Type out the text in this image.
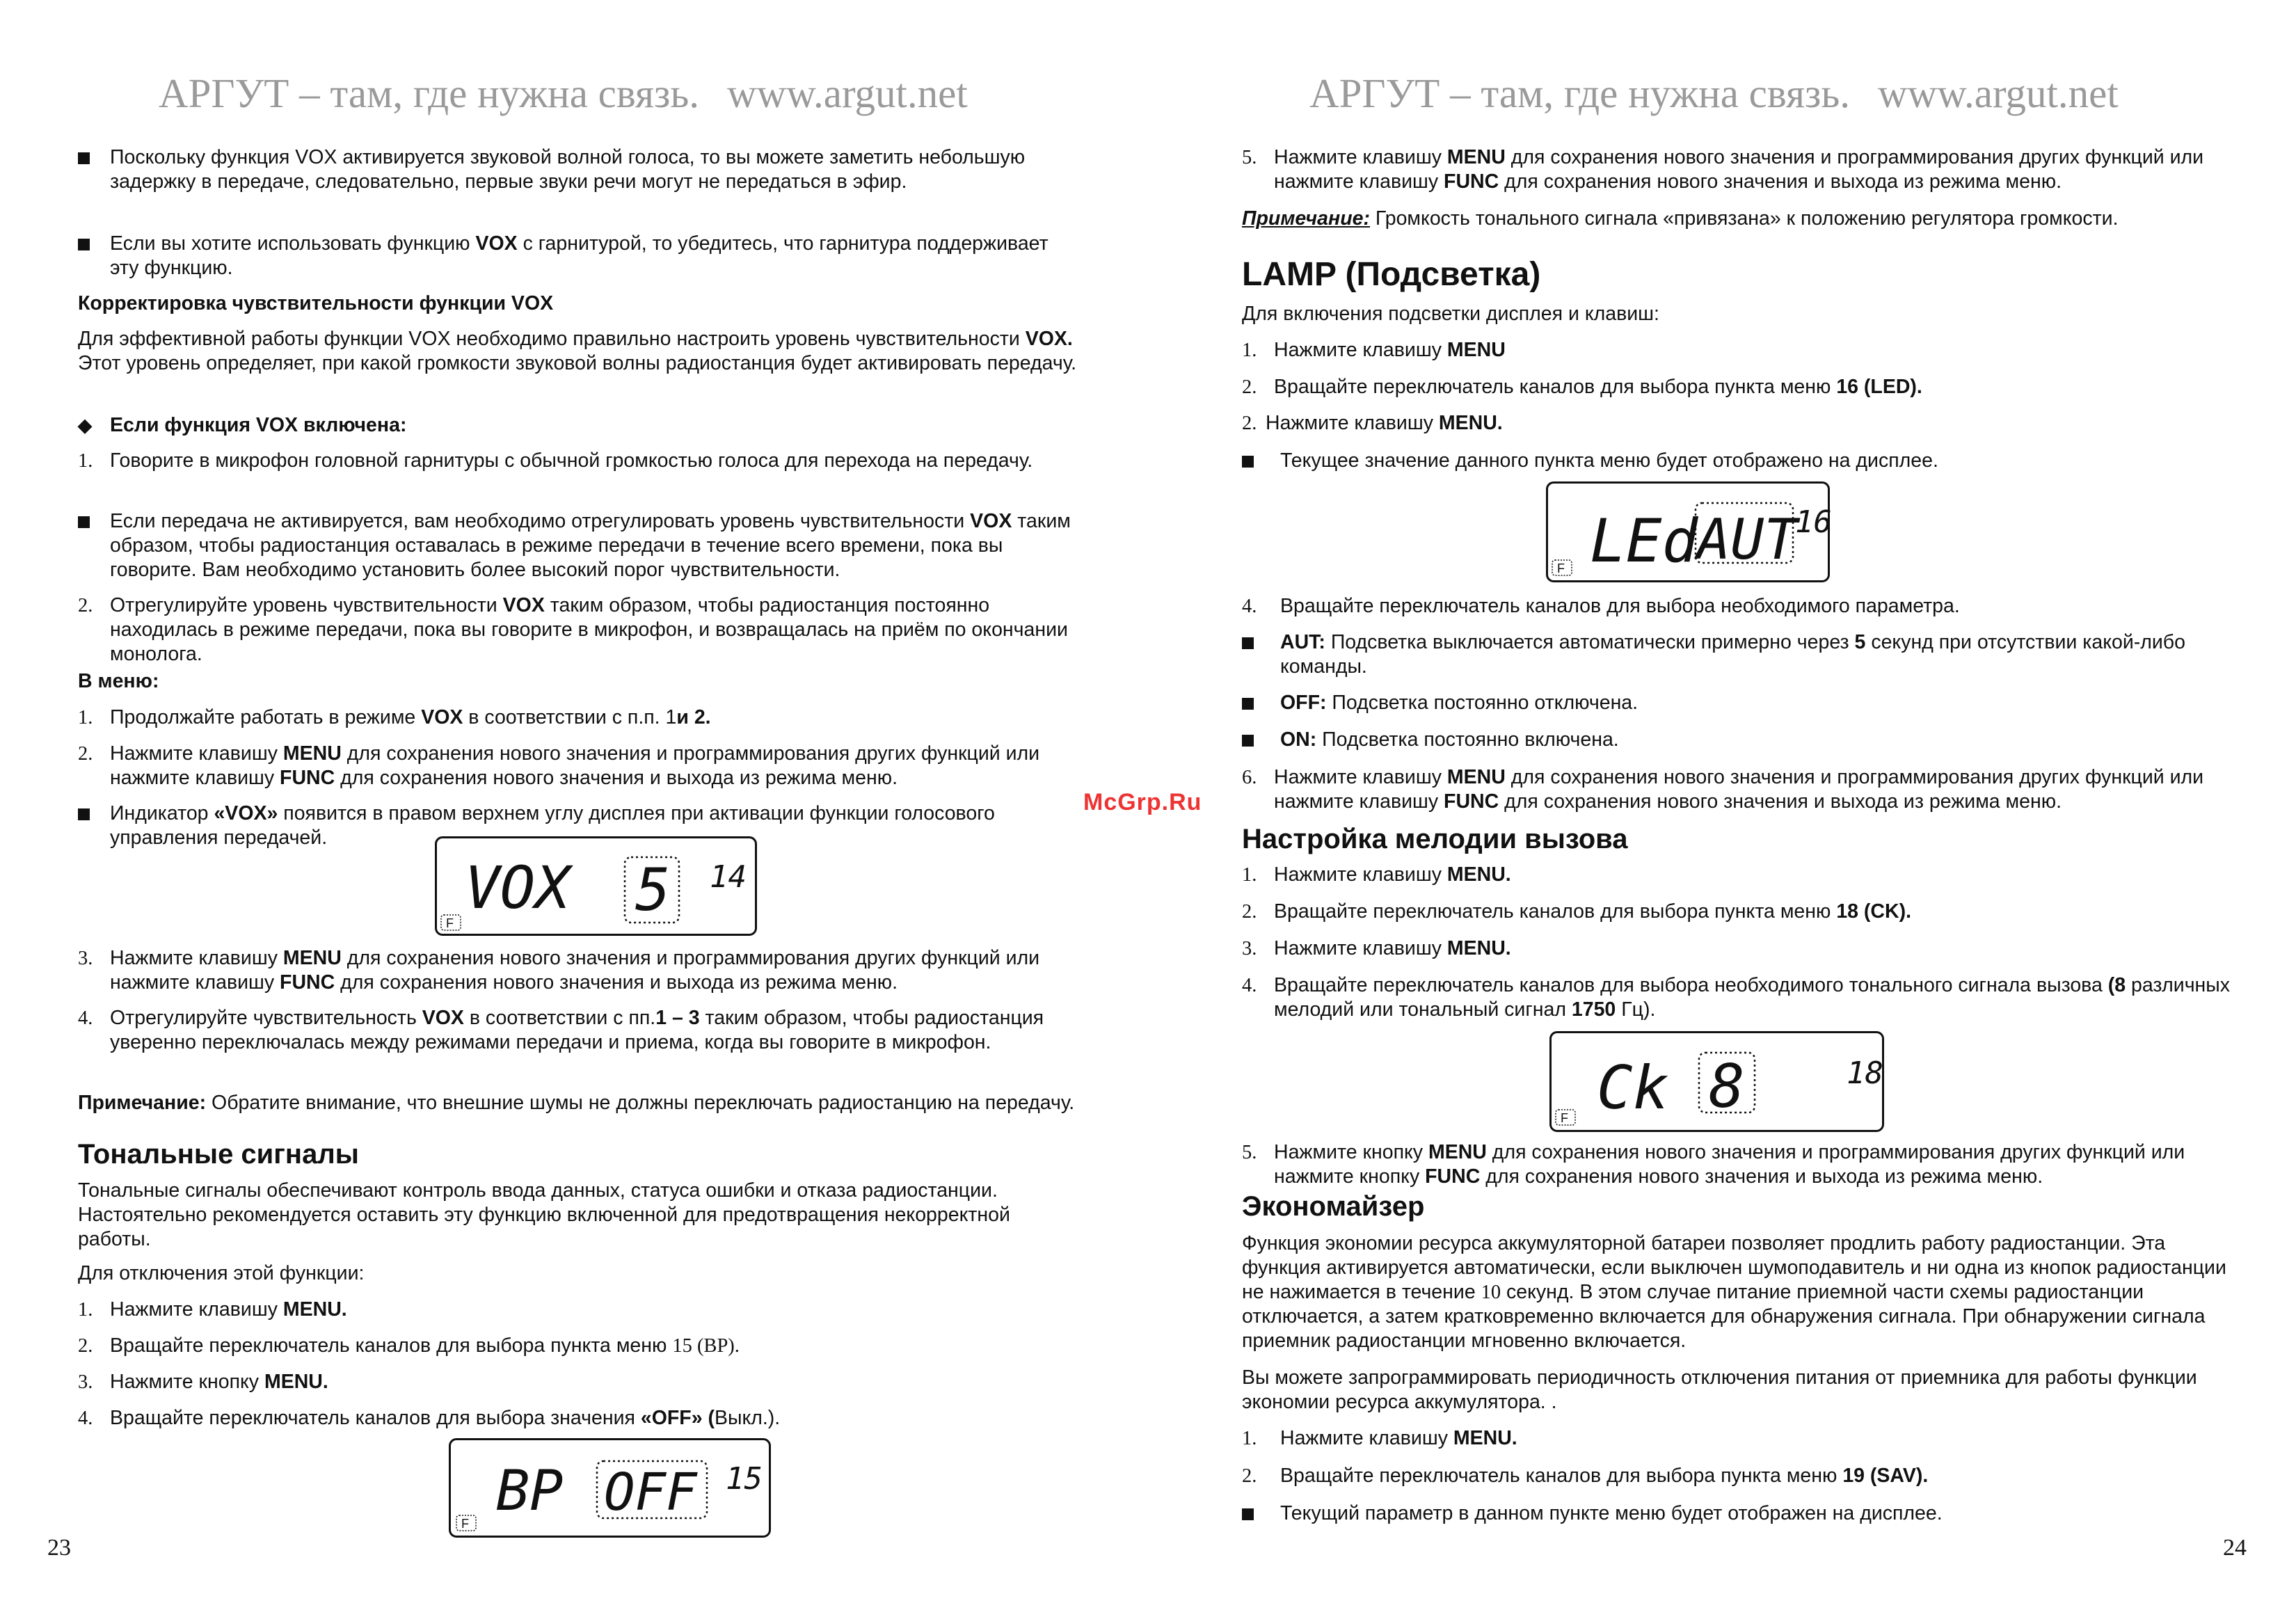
АРГУТ – там, где нужна связь. www.argut.net
Поскольку функция VOX активируется звуковой волной голоса, то вы можете заметить небольшую задержку в передаче, следовательно, первые звуки речи могут не передаться в эфир.
Если вы хотите использовать функцию VOX с гарнитурой, то убедитесь, что гарнитура поддерживает эту функцию.
Корректировка чувствительности функции VOX
Для эффективной работы функции VOX необходимо правильно настроить уровень чувствительности VOX. Этот уровень определяет, при какой громкости звуковой волны радиостанция будет активировать передачу.
◆ Если функция VOX включена:
1. Говорите в микрофон головной гарнитуры с обычной громкостью голоса для перехода на передачу.
Если передача не активируется, вам необходимо отрегулировать уровень чувствительности VOX таким образом, чтобы радиостанция оставалась в режиме передачи в течение всего времени, пока вы говорите. Вам необходимо установить более высокий порог чувствительности.
2. Отрегулируйте уровень чувствительности VOX таким образом, чтобы радиостанция постоянно находилась в режиме передачи, пока вы говорите в микрофон, и возвращалась на приём по окончании монолога.
В меню:
1. Продолжайте работать в режиме VOX в соответствии с п.п. 1и 2.
2. Нажмите клавишу MENU для сохранения нового значения и программирования других функций или нажмите клавишу FUNC для сохранения нового значения и выхода из режима меню.
Индикатор «VOX» появится в правом верхнем углу дисплея при активации функции голосового управления передачей.
VOX 5 14
F
3. Нажмите клавишу MENU для сохранения нового значения и программирования других функций или нажмите клавишу FUNC для сохранения нового значения и выхода из режима меню.
4. Отрегулируйте чувствительность VOX в соответствии с пп.1 – 3 таким образом, чтобы радиостанция уверенно переключалась между режимами передачи и приема, когда вы говорите в микрофон.
Примечание: Обратите внимание, что внешние шумы не должны переключать радиостанцию на передачу.
Тональные сигналы
Тональные сигналы обеспечивают контроль ввода данных, статуса ошибки и отказа радиостанции. Настоятельно рекомендуется оставить эту функцию включенной для предотвращения некорректной работы.
Для отключения этой функции:
1. Нажмите клавишу MENU.
2. Вращайте переключатель каналов для выбора пункта меню 15 (BP).
3. Нажмите кнопку MENU.
4. Вращайте переключатель каналов для выбора значения «OFF» (Выкл.).
BP OFF 15
F
23
McGrp.Ru
АРГУТ – там, где нужна связь. www.argut.net
5. Нажмите клавишу MENU для сохранения нового значения и программирования других функций или нажмите клавишу FUNC для сохранения нового значения и выхода из режима меню.
Примечание: Громкость тонального сигнала «привязана» к положению регулятора громкости.
LAMP (Подсветка)
Для включения подсветки дисплея и клавиш:
1. Нажмите клавишу MENU
2. Вращайте переключатель каналов для выбора пункта меню 16 (LED).
2. Нажмите клавишу MENU.
Текущее значение данного пункта меню будет отображено на дисплее.
LEd
AUT
16
F
4.	Вращайте переключатель каналов для выбора необходимого параметра.
AUT: Подсветка выключается автоматически примерно через 5 секунд при отсутствии какой-либо команды.
OFF: Подсветка постоянно отключена.
ON: Подсветка постоянно включена.
6. Нажмите клавишу MENU для сохранения нового значения и программирования других функций или нажмите клавишу FUNC для сохранения нового значения и выхода из режима меню.
Настройка мелодии вызова
1. Нажмите клавишу MENU.
2. Вращайте переключатель каналов для выбора пункта меню 18 (CK).
3. Нажмите клавишу MENU.
4. Вращайте переключатель каналов для выбора необходимого тонального сигнала вызова (8 различных мелодий или тональный сигнал 1750 Гц).
Ck 8	18
F
5. Нажмите кнопку MENU для сохранения нового значения и программирования других функций или нажмите кнопку FUNC для сохранения нового значения и выхода из режима меню.
Экономайзер
Функция экономии ресурса аккумуляторной батареи позволяет продлить работу радиостанции. Эта функция активируется автоматически, если выключен шумоподавитель и ни одна из кнопок радиостанции не нажимается в течение 10 секунд. В этом случае питание приемной части схемы радиостанции отключается, а затем кратковременно включается для обнаружения сигнала. При обнаружении сигнала приемник радиостанции мгновенно включается.
Вы можете запрограммировать периодичность отключения питания от приемника для работы функции экономии ресурса аккумулятора. .
1.	Нажмите клавишу MENU.
2.	Вращайте переключатель каналов для выбора пункта меню 19 (SAV).
Текущий параметр в данном пункте меню будет отображен на дисплее.
24
